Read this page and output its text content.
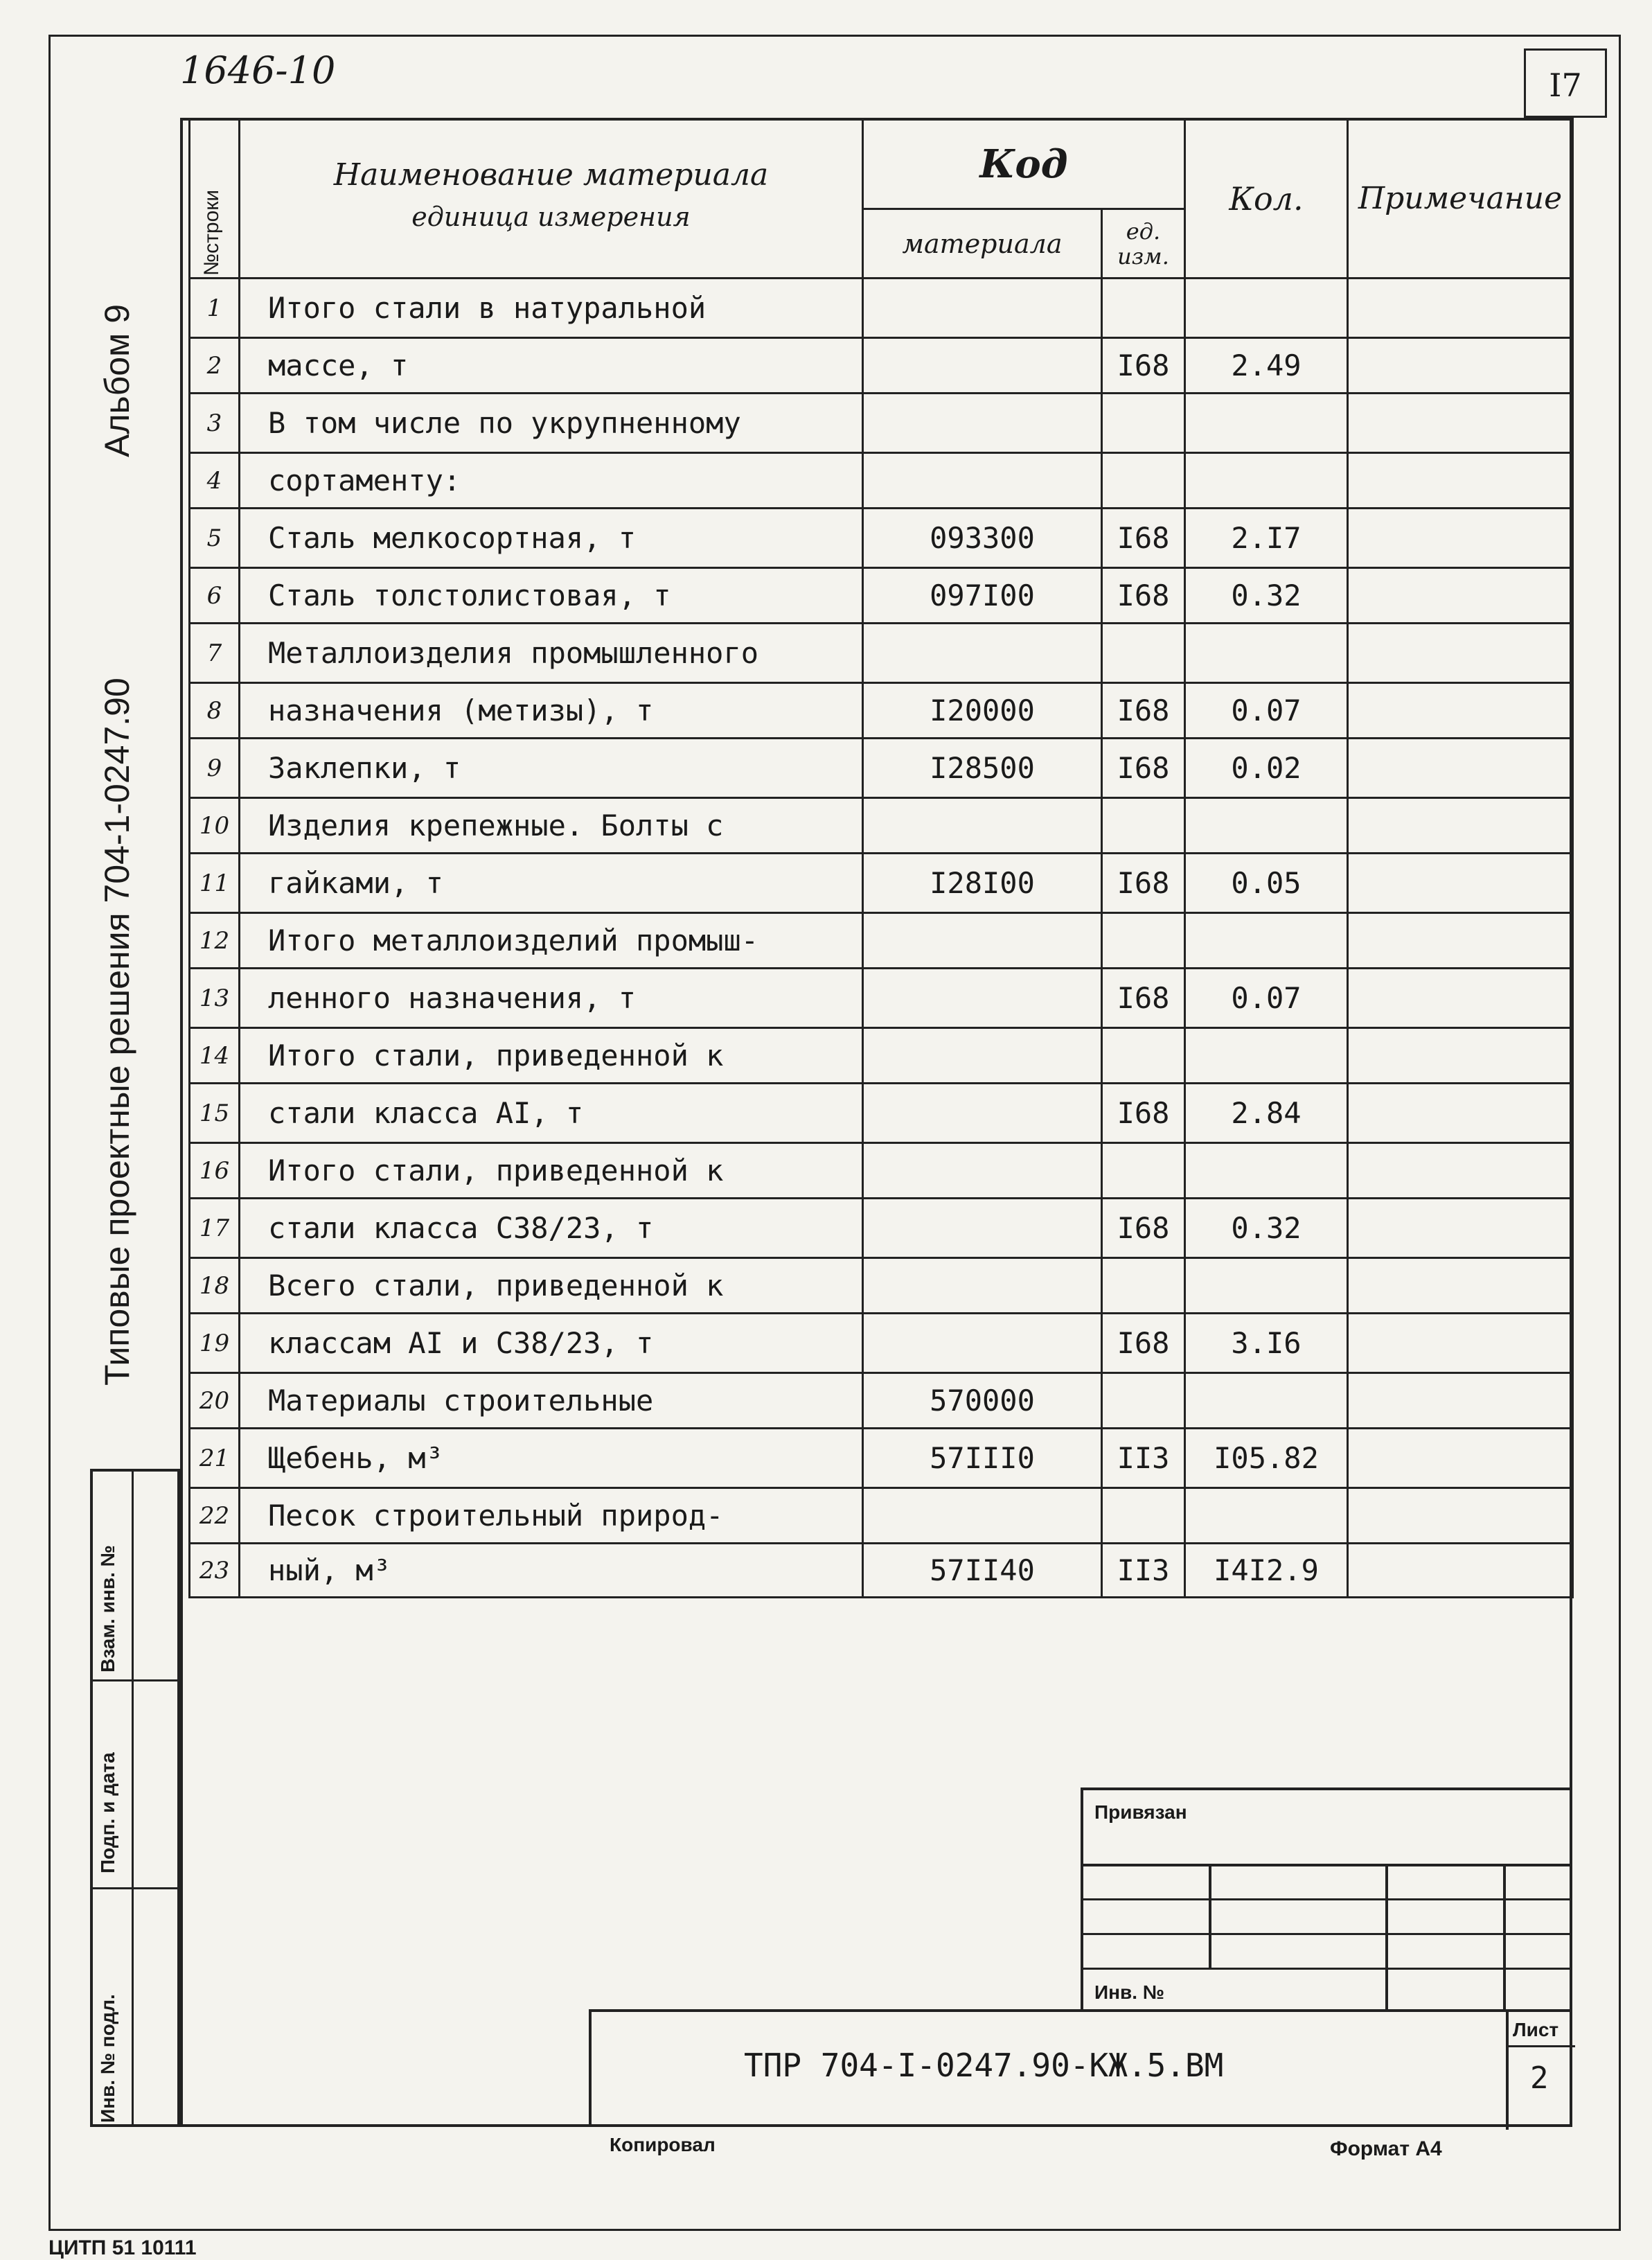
1646-10	I7
Типовые проектные решения 704-1-0247.90
Альбом 9
Инв. № подл.
Подп. и дата
Взам. инв. №
№строки	Наименование материала
единица измерения	Код		Кол.	Примечание
		материала	ед. изм.		
1	Итого стали в натуральной				
2	массе, т		I68	2.49	
3	В том числе по укрупненному				
4	сортаменту:				
5	Сталь мелкосортная, т	093300	I68	2.I7	
6	Сталь толстолистовая, т	097I00	I68	0.32	
7	Металлоизделия промышленного				
8	назначения (метизы), т	I20000	I68	0.07	
9	Заклепки, т	I28500	I68	0.02	
10	Изделия крепежные. Болты с				
11	гайками, т	I28I00	I68	0.05	
12	Итого металлоизделий промыш-				
13	ленного назначения, т		I68	0.07	
14	Итого стали, приведенной к				
15	стали класса AI, т		I68	2.84	
16	Итого стали, приведенной к				
17	стали класса С38/23, т		I68	0.32	
18	Всего стали, приведенной к				
19	классам AI и С38/23, т		I68	3.I6	
20	Материалы строительные	570000			
21	Щебень, м³	57III0	II3	I05.82	
22	Песок строительный природ-				
23	ный, м³	57II40	II3	I4I2.9	
Привязан
Инв. №
ТПР 704-I-0247.90-КЖ.5.ВМ
Лист
2
Копировал	Формат А4
ЦИТП 51 10111
